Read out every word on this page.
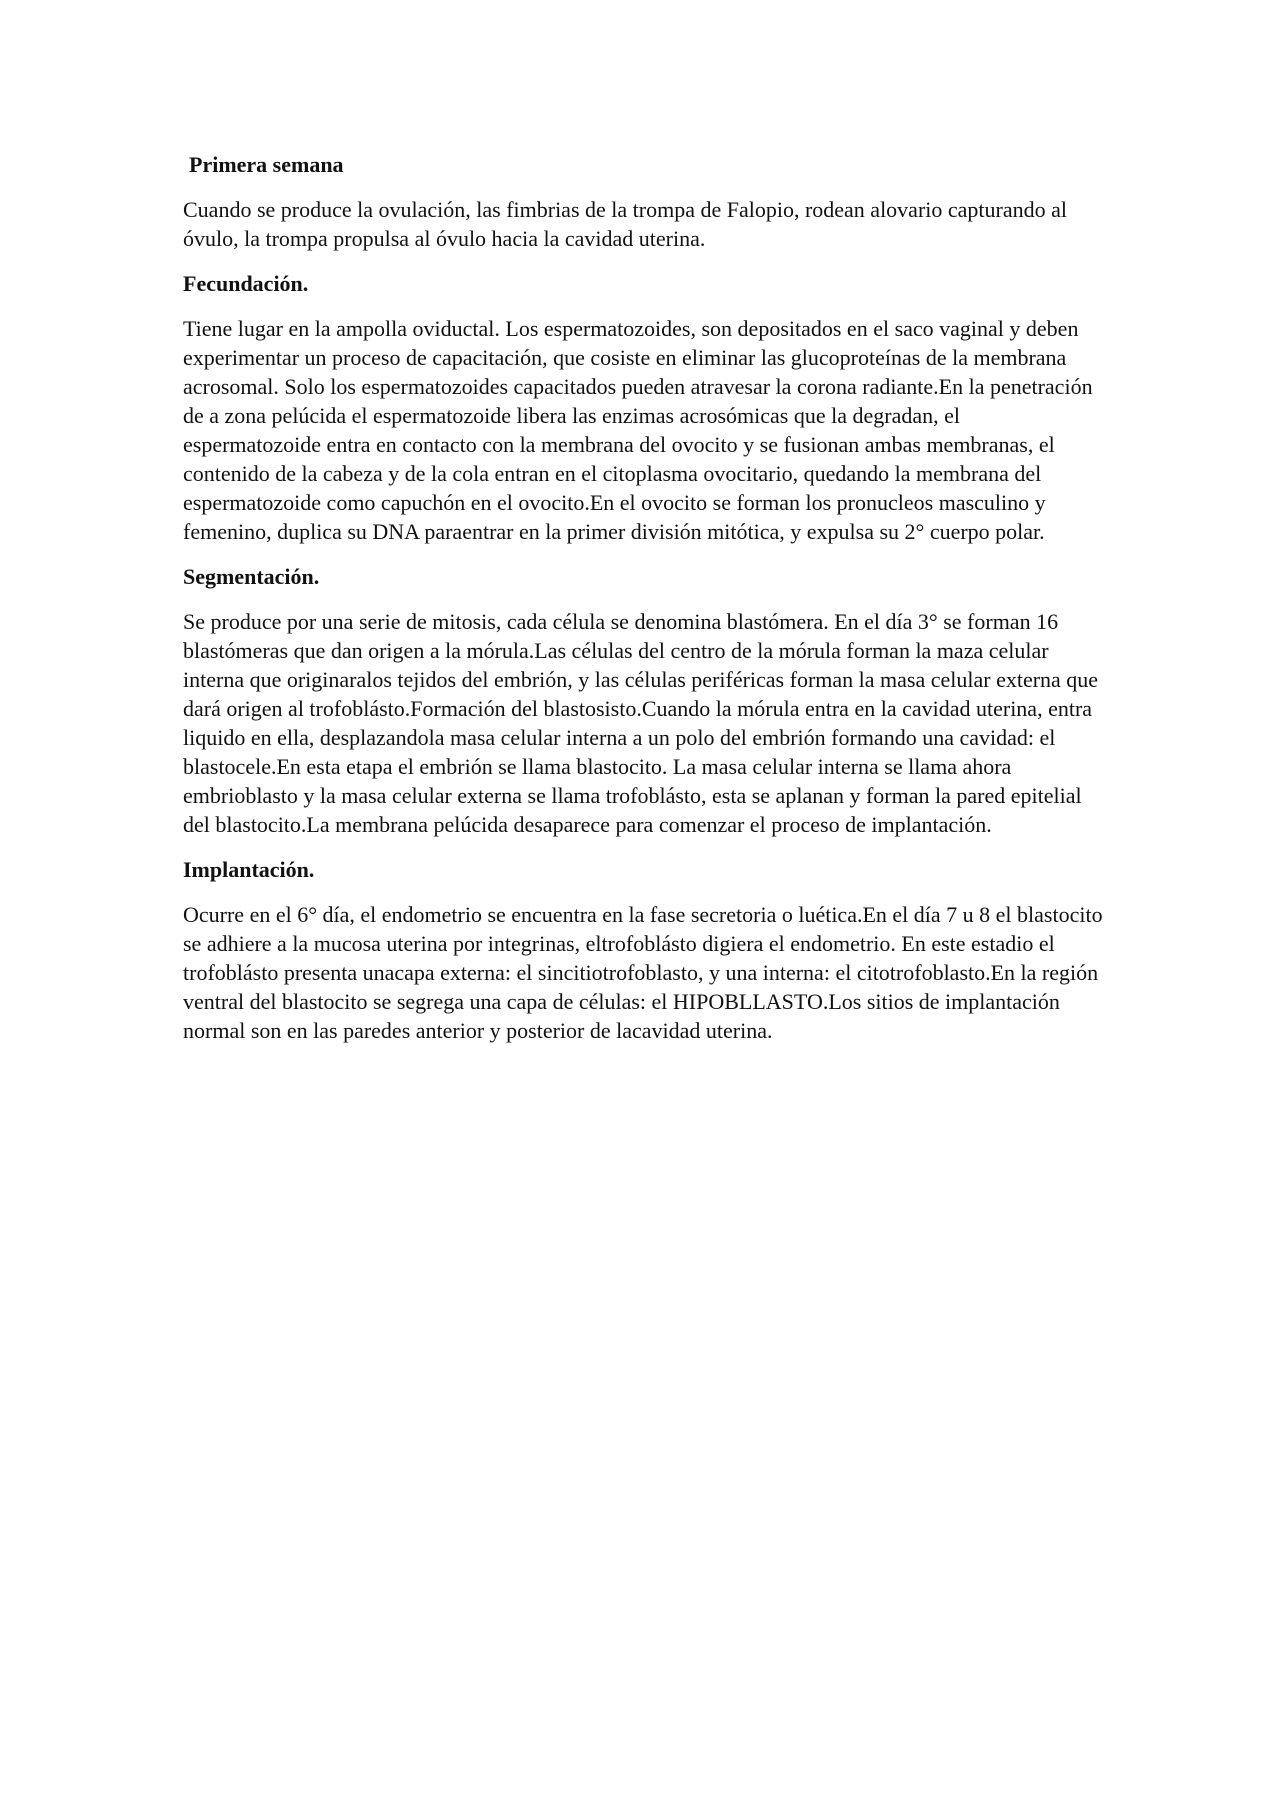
Primera semana

Cuando se produce la ovulación, las fimbrias de la trompa de Falopio, rodean alovario capturando al óvulo, la trompa propulsa al óvulo hacia la cavidad uterina.

Fecundación.

Tiene lugar en la ampolla oviductal. Los espermatozoides, son depositados en el saco vaginal y deben experimentar un proceso de capacitación, que cosiste en eliminar las glucoproteínas de la membrana acrosomal. Solo los espermatozoides capacitados pueden atravesar la corona radiante.En la penetración de a zona pelúcida el espermatozoide libera las enzimas acrosómicas que la degradan, el espermatozoide entra en contacto con la membrana del ovocito y se fusionan ambas membranas, el contenido de la cabeza y de la cola entran en el citoplasma ovocitario, quedando la membrana del espermatozoide como capuchón en el ovocito.En el ovocito se forman los pronucleos masculino y femenino, duplica su DNA paraentrar en la primer división mitótica, y expulsa su 2° cuerpo polar.

Segmentación.

Se produce por una serie de mitosis, cada célula se denomina blastómera. En el día 3° se forman 16 blastómeras que dan origen a la mórula.Las células del centro de la mórula forman la maza celular interna que originaralos tejidos del embrión, y las células periféricas forman la masa celular externa que dará origen al trofoblásto.Formación del blastosisto.Cuando la mórula entra en la cavidad uterina, entra liquido en ella, desplazandola masa celular interna a un polo del embrión formando una cavidad: el blastocele.En esta etapa el embrión se llama blastocito. La masa celular interna se llama ahora embrioblasto y la masa celular externa se llama trofoblásto, esta se aplanan y forman la pared epitelial del blastocito.La membrana pelúcida desaparece para comenzar el proceso de implantación.

Implantación.

Ocurre en el 6° día, el endometrio se encuentra en la fase secretoria o luética.En el día 7 u 8 el blastocito se adhiere a la mucosa uterina por integrinas, eltrofoblásto digiera el endometrio. En este estadio el trofoblásto presenta unacapa externa: el sincitiotrofoblasto, y una interna: el citotrofoblasto.En la región ventral del blastocito se segrega una capa de células: el HIPOBLLASTO.Los sitios de implantación normal son en las paredes anterior y posterior de lacavidad uterina.
